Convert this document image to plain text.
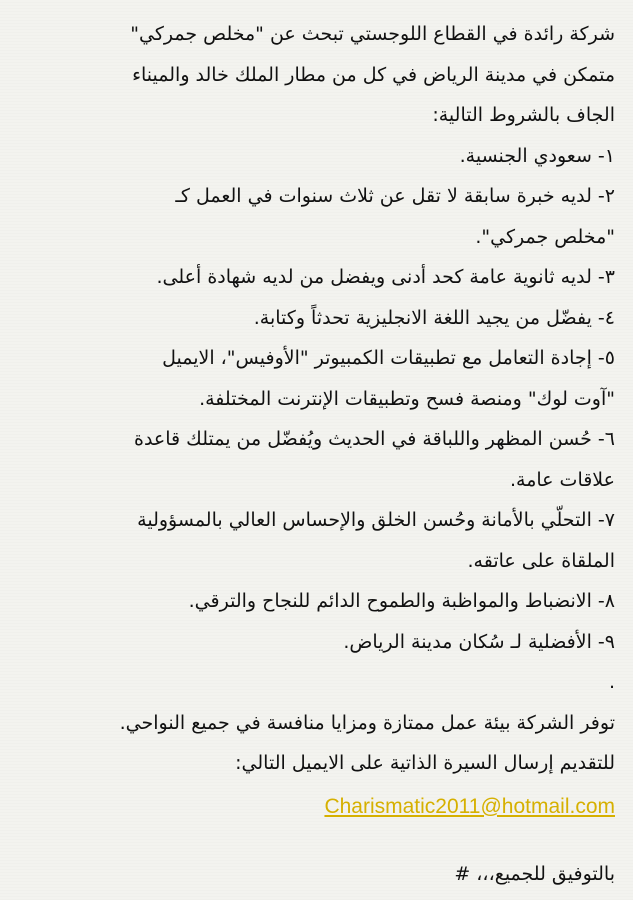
شركة رائدة في القطاع اللوجستي تبحث عن "مخلص جمركي"
متمكن في مدينة الرياض في كل من مطار الملك خالد والميناء
الجاف بالشروط التالية:
١- سعودي الجنسية.
٢- لديه خبرة سابقة لا تقل عن ثلاث سنوات في العمل كـ
"مخلص جمركي".
٣- لديه ثانوية عامة كحد أدنى ويفضل من لديه شهادة أعلى.
٤- يفضّل من يجيد اللغة الانجليزية تحدثاً وكتابة.
٥- إجادة التعامل مع تطبيقات الكمبيوتر "الأوفيس"، الايميل
"آوت لوك" ومنصة فسح وتطبيقات الإنترنت المختلفة.
٦- حُسن المظهر واللباقة في الحديث ويُفضّل من يمتلك قاعدة
علاقات عامة.
٧- التحلّي بالأمانة وحُسن الخلق والإحساس العالي بالمسؤولية
الملقاة على عاتقه.
٨- الانضباط والمواظبة والطموح الدائم للنجاح والترقي.
٩- الأفضلية لـ سُكان مدينة الرياض.
.
توفر الشركة بيئة عمل ممتازة ومزايا منافسة في جميع النواحي.
للتقديم إرسال السيرة الذاتية على الايميل التالي:
Charismatic2011@hotmail.com
بالتوفيق للجميع،،، #
